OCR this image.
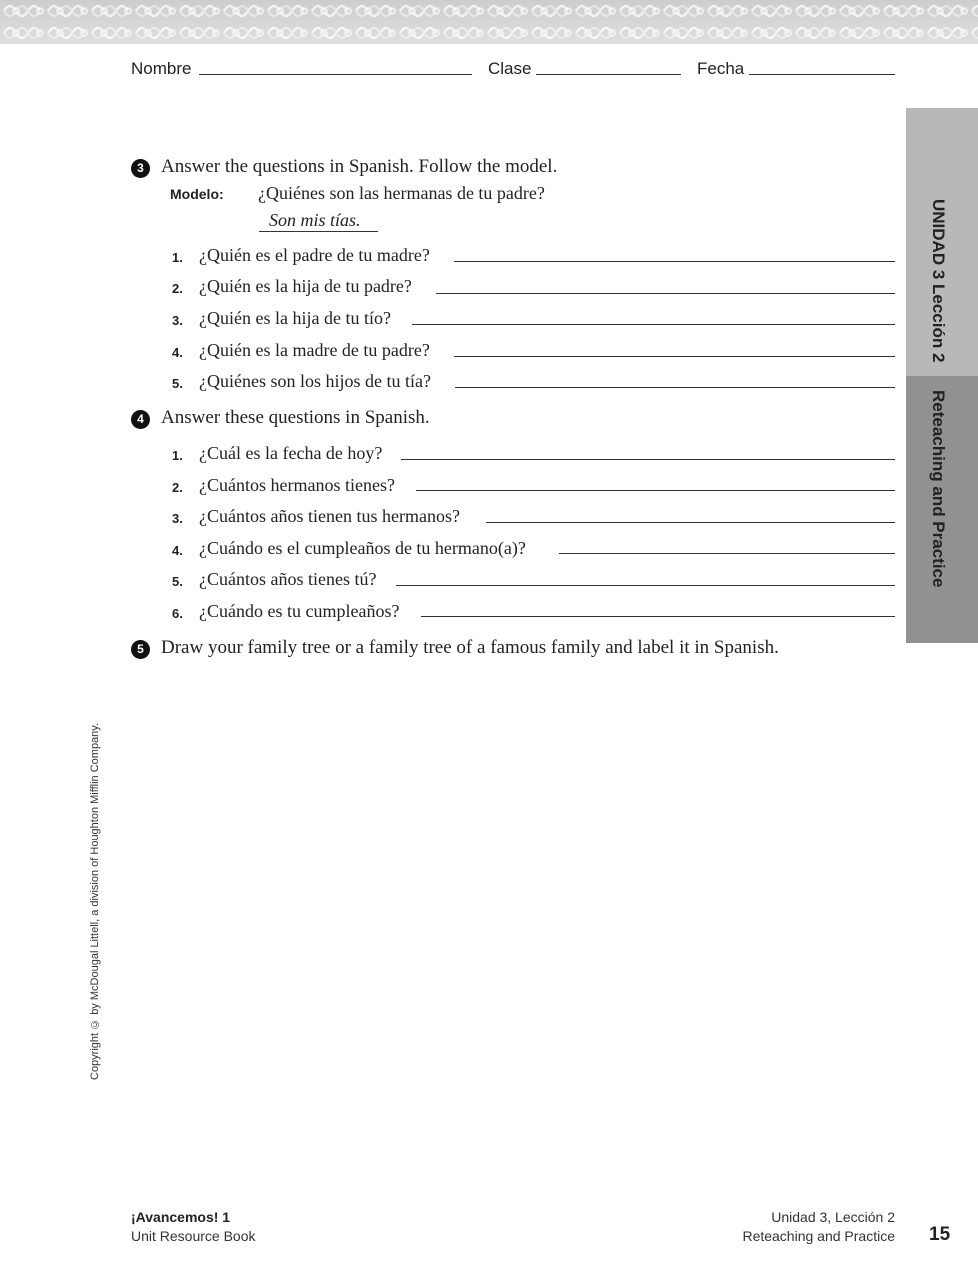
Nombre	Clase	Fecha
UNIDAD 3 Lección 2
Reteaching and Practice
3 Answer the questions in Spanish. Follow the model.
Modelo: ¿Quiénes son las hermanas de tu padre?
Son mis tías.
1. ¿Quién es el padre de tu madre?
2. ¿Quién es la hija de tu padre?
3. ¿Quién es la hija de tu tío?
4. ¿Quién es la madre de tu padre?
5. ¿Quiénes son los hijos de tu tía?
4 Answer these questions in Spanish.
1. ¿Cuál es la fecha de hoy?
2. ¿Cuántos hermanos tienes?
3. ¿Cuántos años tienen tus hermanos?
4. ¿Cuándo es el cumpleaños de tu hermano(a)?
5. ¿Cuántos años tienes tú?
6. ¿Cuándo es tu cumpleaños?
5 Draw your family tree or a family tree of a famous family and label it in Spanish.
Copyright © by McDougal Littell, a division of Houghton Mifflin Company.
¡Avancemos! 1
Unit Resource Book
Unidad 3, Lección 2
Reteaching and Practice 15
